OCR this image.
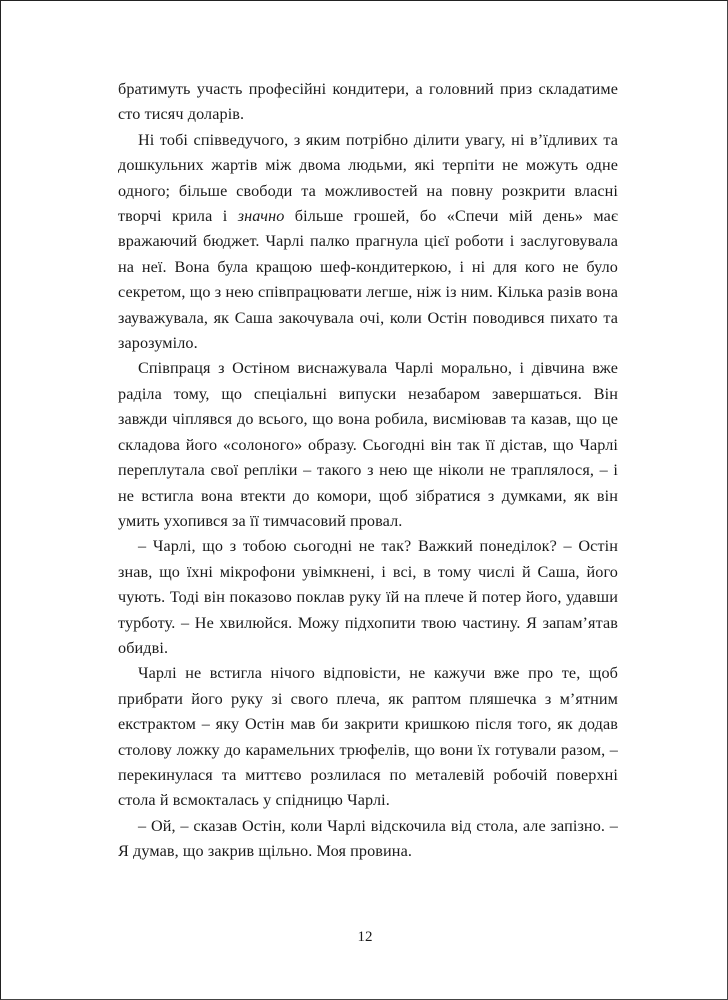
братимуть участь професійні кондитери, а головний приз складатиме сто тисяч доларів.

Ні тобі співведучого, з яким потрібно ділити увагу, ні в’їдливих та дошкульних жартів між двома людьми, які терпіти не можуть одне одного; більше свободи та можливостей на повну розкрити власні творчі крила і значно більше грошей, бо «Спечи мій день» має вражаючий бюджет. Чарлі палко прагнула цієї роботи і заслуговувала на неї. Вона була кращою шеф-кондитеркою, і ні для кого не було секретом, що з нею співпрацювати легше, ніж із ним. Кілька разів вона зауважувала, як Саша закочувала очі, коли Остін поводився пихато та зарозуміло.

Співпраця з Остіном виснажувала Чарлі морально, і дівчина вже раділа тому, що спеціальні випуски незабаром завершаться. Він завжди чіплявся до всього, що вона робила, висміював та казав, що це складова його «солоного» образу. Сьогодні він так її дістав, що Чарлі переплутала свої репліки – такого з нею ще ніколи не траплялося, – і не встигла вона втекти до комори, щоб зібратися з думками, як він умить ухопився за її тимчасовий провал.

– Чарлі, що з тобою сьогодні не так? Важкий понеділок? – Остін знав, що їхні мікрофони увімкнені, і всі, в тому числі й Саша, його чують. Тоді він показово поклав руку їй на плече й потер його, удавши турботу. – Не хвилюйся. Можу підхопити твою частину. Я запам’ятав обидві.

Чарлі не встигла нічого відповісти, не кажучи вже про те, щоб прибрати його руку зі свого плеча, як раптом пляшечка з м’ятним екстрактом – яку Остін мав би закрити кришкою після того, як додав столову ложку до карамельних трюфелів, що вони їх готували разом, – перекинулася та миттєво розлилася по металевій робочій поверхні стола й всмокталась у спідницю Чарлі.

– Ой, – сказав Остін, коли Чарлі відскочила від стола, але запізно. – Я думав, що закрив щільно. Моя провина.

12
